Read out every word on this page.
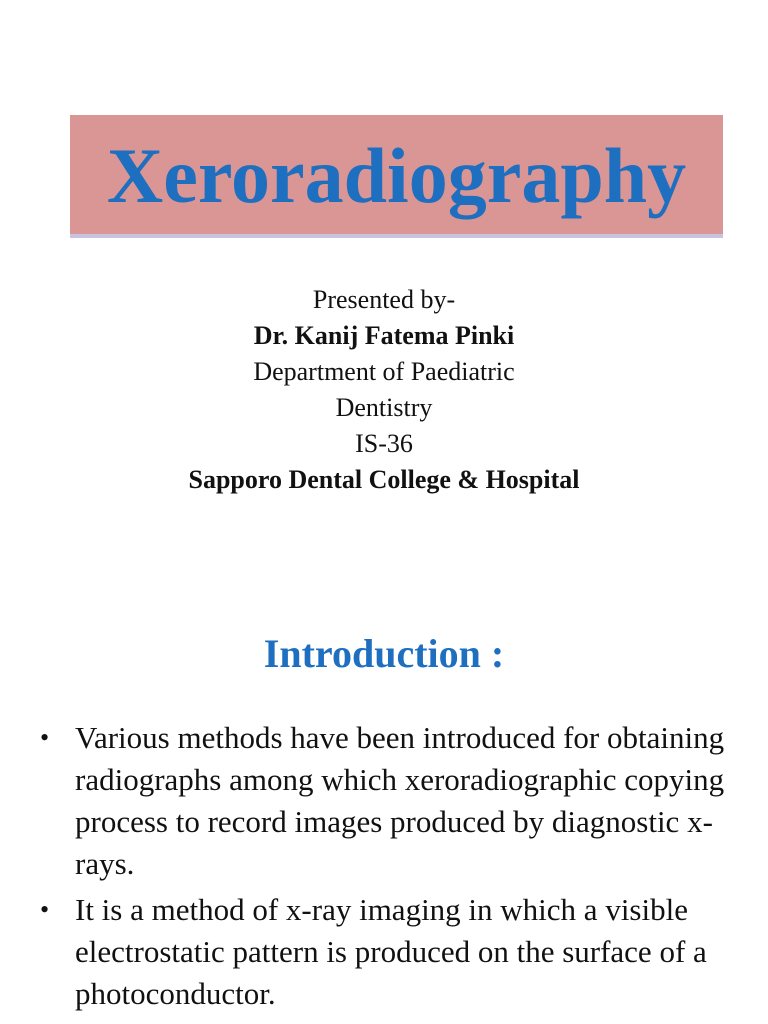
Xeroradiography
Presented by-
Dr. Kanij Fatema Pinki
Department of Paediatric
Dentistry
IS-36
Sapporo Dental College & Hospital
Introduction :
• Various methods have been introduced for obtaining radiographs among which xeroradiographic copying process to record images produced by diagnostic x-rays.
• It is a method of x-ray imaging in which a visible electrostatic pattern is produced on the surface of a photoconductor.
